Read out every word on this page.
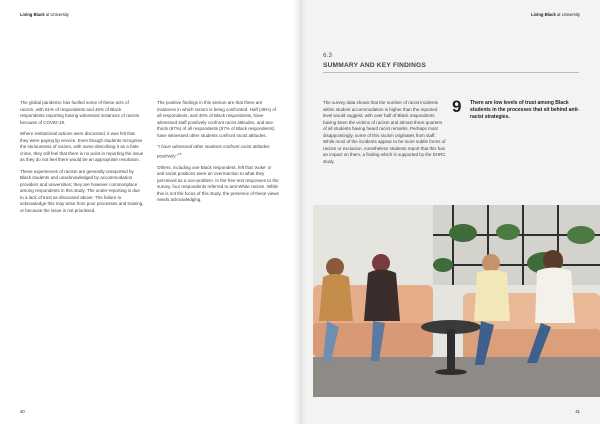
Living Black at University

The global pandemic has fuelled some of these acts of racism, with 51% of respondents and 46% of Black respondents reporting having witnessed instances of racism because of COVID-19.

Where institutional actions were discussed, it was felt that they were paying lip service. Even though students recognise the seriousness of racism, with some describing it as a hate crime, they still feel that there is no point in reporting the issue as they do not feel there would be an appropriate resolution.

These experiences of racism are generally unreported by Black students and unacknowledged by accommodation providers and universities; they are however commonplace among respondents in this study. The under-reporting is due to a lack of trust as discussed above. The failure to acknowledge this may arise from poor processes and training, or because the issue is not prioritised.

The positive findings in this section are that there are instances in which racism is being confronted. Half (49%) of all respondents, and 40% of Black respondents, have witnessed staff positively confront racist attitudes, and two-thirds (67%) of all respondents (57% of Black respondents) have witnessed other students confront racist attitudes.

"I have witnessed other students confront racist attitudes positively."$^{15}$

Others, including one Black respondent, felt that 'woke' or anti-racist positions were an overreaction to what they perceived as a non-problem. In the free text responses to the survey, four respondents referred to anti-White racism. While this is not the focus of this study, the presence of these views needs acknowledging.

40
Living Black at University
6.3
SUMMARY AND KEY FINDINGS

The survey data shows that the number of racist incidents within student accommodation is higher than the reported level would suggest, with over half of Black respondents having been the victims of racism and almost three-quarters of all students having heard racist remarks. Perhaps most disappointingly, some of this racism originates from staff. While most of the incidents appear to be more subtle forms of racism or exclusion, nonetheless students report that this has an impact on them, a finding which is supported by the EHRC study.

9 There are low levels of trust among Black students in the processes that sit behind anti-racist strategies.
41
